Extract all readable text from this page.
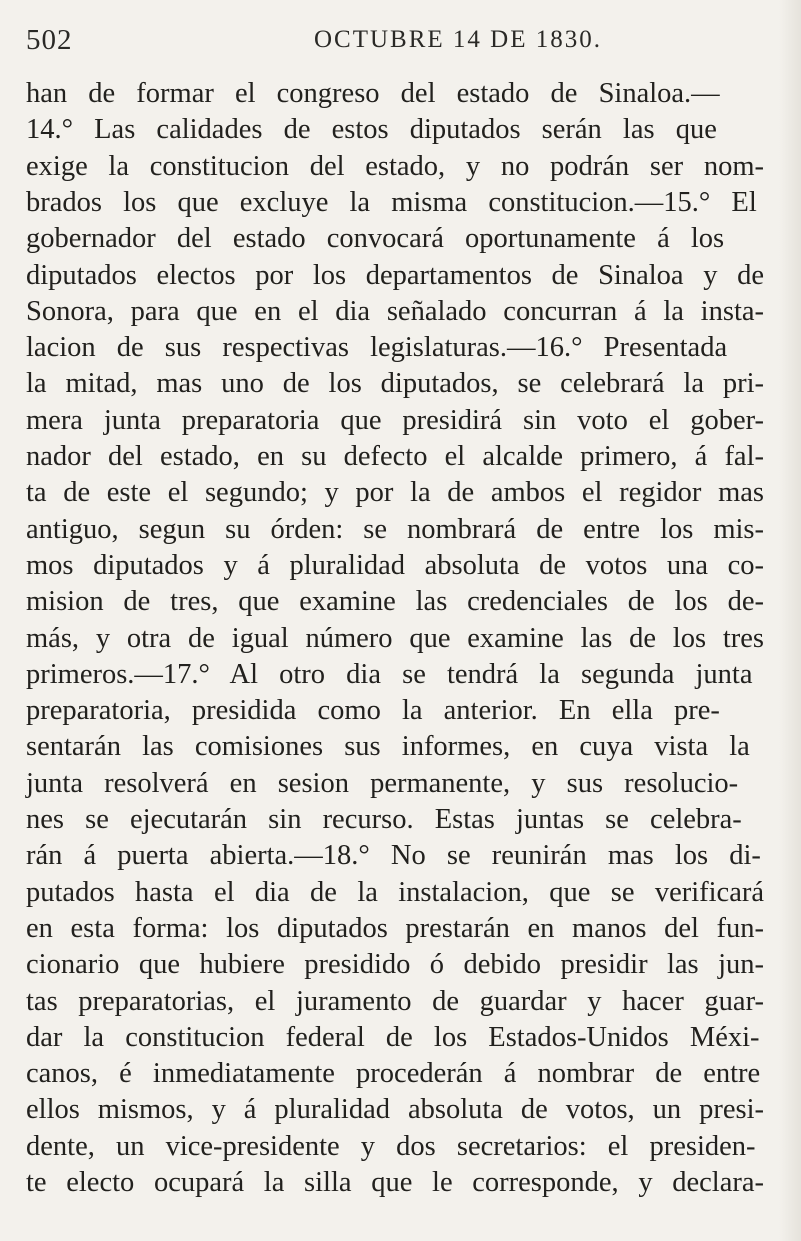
502	OCTUBRE 14 DE 1830.
han de formar el congreso del estado de Sinaloa.—
14.° Las calidades de estos diputados serán las que
exige la constitucion del estado, y no podrán ser nom-
brados los que excluye la misma constitucion.—15.° El
gobernador del estado convocará oportunamente á los
diputados electos por los departamentos de Sinaloa y de
Sonora, para que en el dia señalado concurran á la insta-
lacion de sus respectivas legislaturas.—16.° Presentada
la mitad, mas uno de los diputados, se celebrará la pri-
mera junta preparatoria que presidirá sin voto el gober-
nador del estado, en su defecto el alcalde primero, á fal-
ta de este el segundo; y por la de ambos el regidor mas
antiguo, segun su órden: se nombrará de entre los mis-
mos diputados y á pluralidad absoluta de votos una co-
mision de tres, que examine las credenciales de los de-
más, y otra de igual número que examine las de los tres
primeros.—17.° Al otro dia se tendrá la segunda junta
preparatoria, presidida como la anterior. En ella pre-
sentarán las comisiones sus informes, en cuya vista la
junta resolverá en sesion permanente, y sus resolucio-
nes se ejecutarán sin recurso. Estas juntas se celebra-
rán á puerta abierta.—18.° No se reunirán mas los di-
putados hasta el dia de la instalacion, que se verificará
en esta forma: los diputados prestarán en manos del fun-
cionario que hubiere presidido ó debido presidir las jun-
tas preparatorias, el juramento de guardar y hacer guar-
dar la constitucion federal de los Estados-Unidos Méxi-
canos, é inmediatamente procederán á nombrar de entre
ellos mismos, y á pluralidad absoluta de votos, un presi-
dente, un vice-presidente y dos secretarios: el presiden-
te electo ocupará la silla que le corresponde, y declara-
